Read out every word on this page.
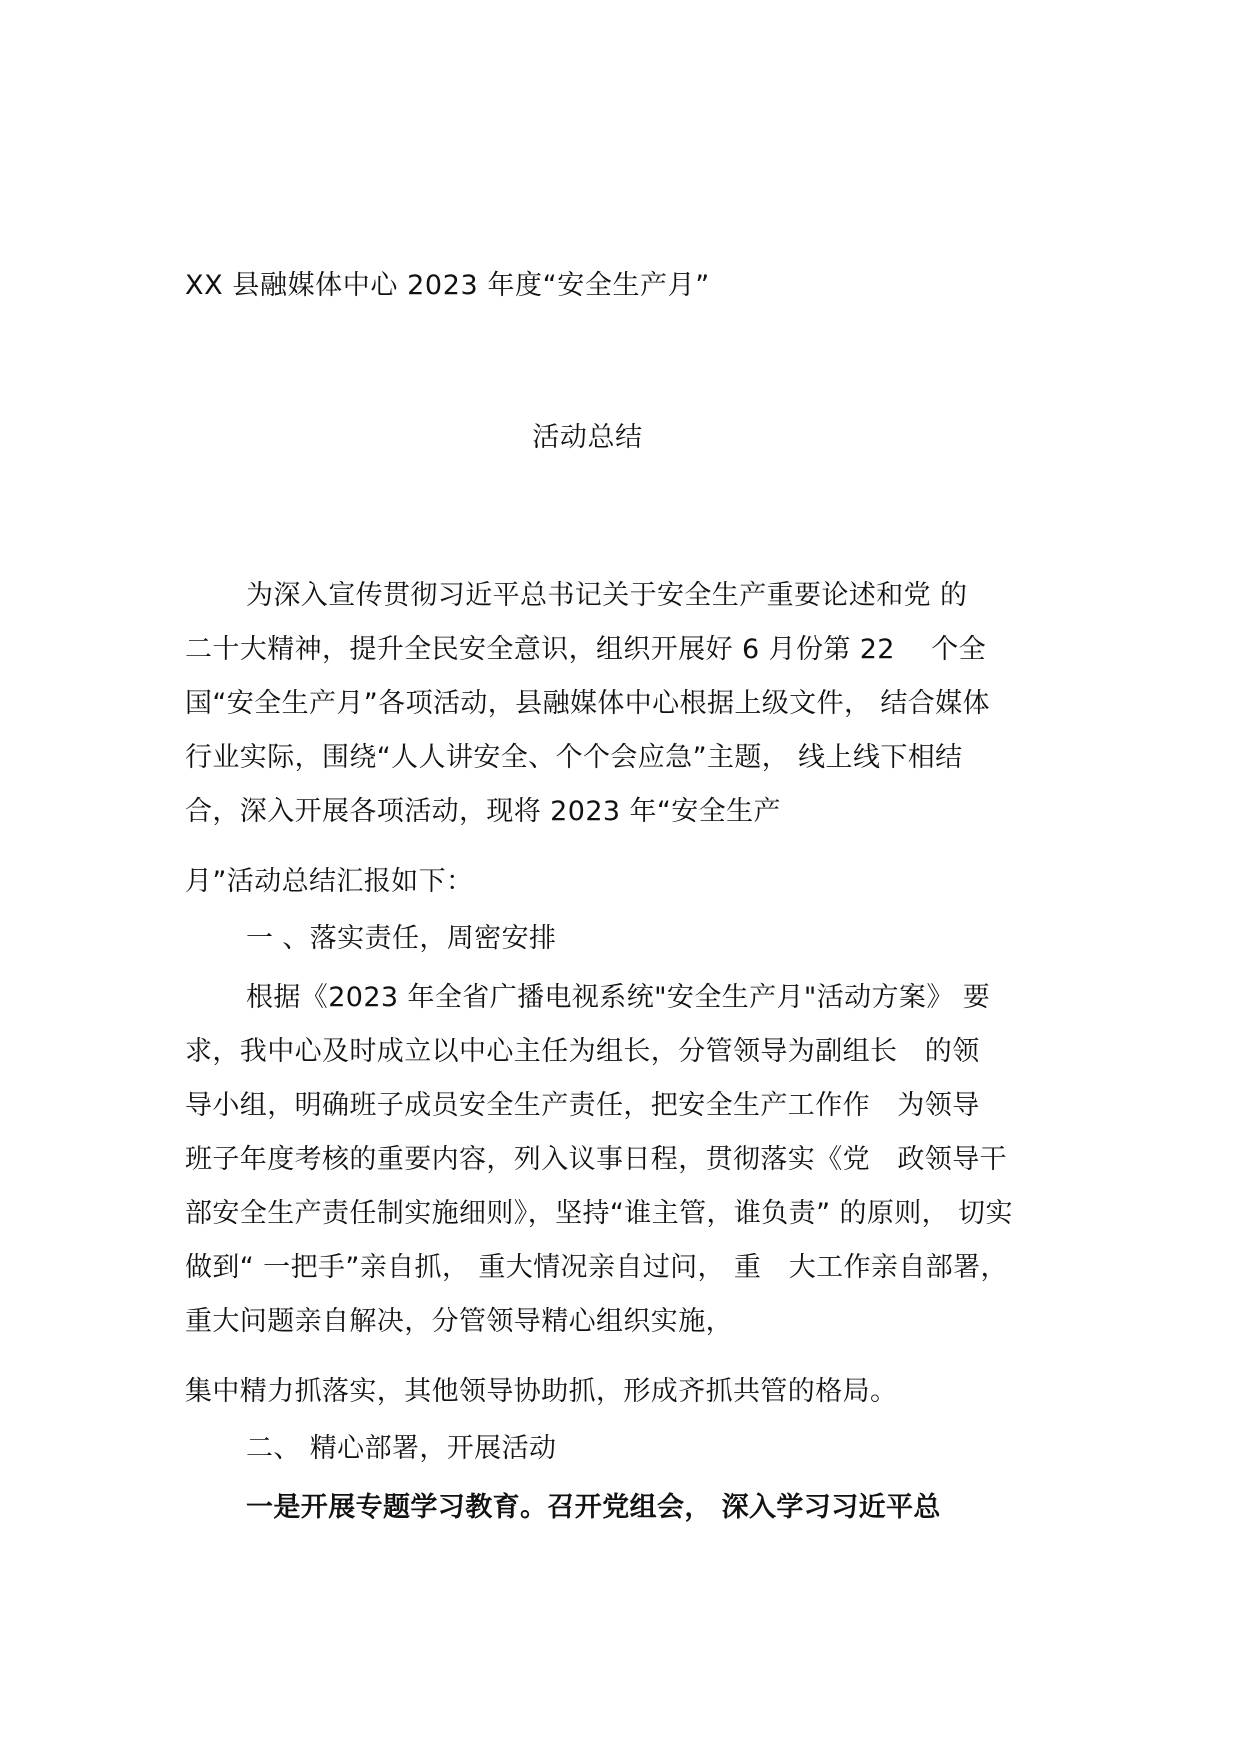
XX 县融媒体中心 2023 年度“安全生产月”
活动总结
为深入宣传贯彻习近平总书记关于安全生产重要论述和党 的
二十大精神，提升全民安全意识，组织开展好 6 月份第 22　 个全
国“安全生产月”各项活动，县融媒体中心根据上级文件， 结合媒体
行业实际，围绕“人人讲安全、个个会应急”主题， 线上线下相结
合，深入开展各项活动，现将 2023 年“安全生产
月”活动总结汇报如下：
一 、落实责任，周密安排
根据《2023 年全省广播电视系统"安全生产月"活动方案》 要
求，我中心及时成立以中心主任为组长，分管领导为副组长　的领
导小组，明确班子成员安全生产责任，把安全生产工作作　为领导
班子年度考核的重要内容，列入议事日程，贯彻落实《党　政领导干
部安全生产责任制实施细则》，坚持“谁主管，谁负责” 的原则， 切实
做到“ 一把手”亲自抓， 重大情况亲自过问， 重　大工作亲自部署，
重大问题亲自解决，分管领导精心组织实施，
集中精力抓落实，其他领导协助抓，形成齐抓共管的格局。
二、 精心部署，开展活动
一是开展专题学习教育。召开党组会， 深入学习习近平总
